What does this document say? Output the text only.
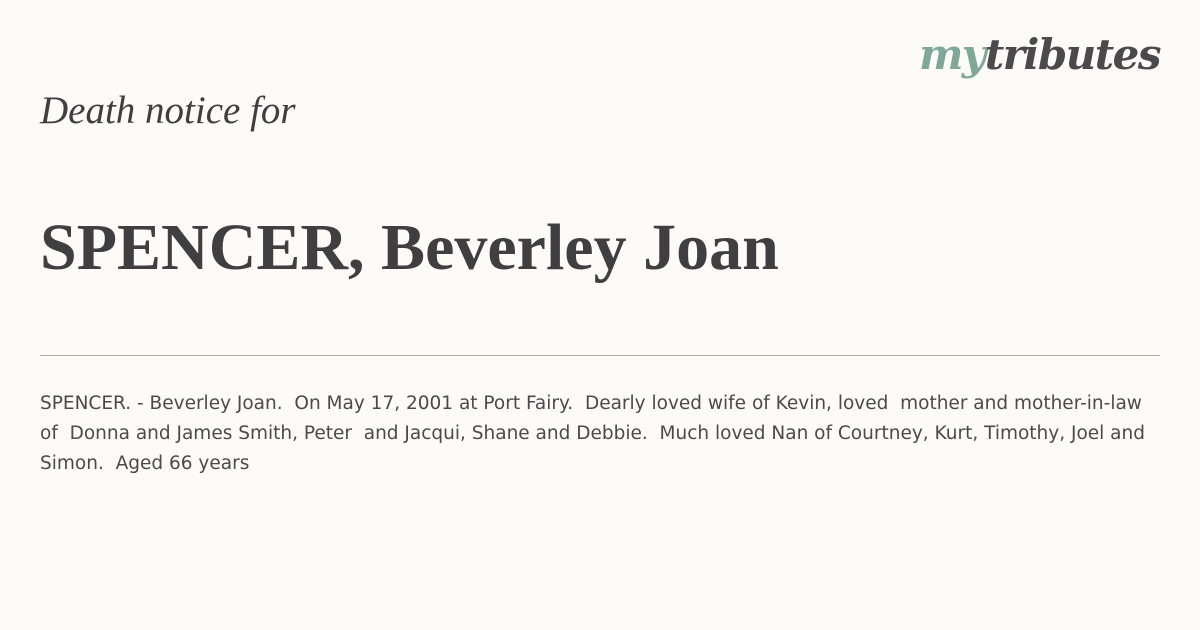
mytributes
Death notice for
SPENCER, Beverley Joan

SPENCER. - Beverley Joan.  On May 17, 2001 at Port Fairy.  Dearly loved wife of Kevin, loved  mother and mother-in-law of  Donna and James Smith, Peter  and Jacqui, Shane and Debbie.  Much loved Nan of Courtney, Kurt, Timothy, Joel and Simon.  Aged 66 years
